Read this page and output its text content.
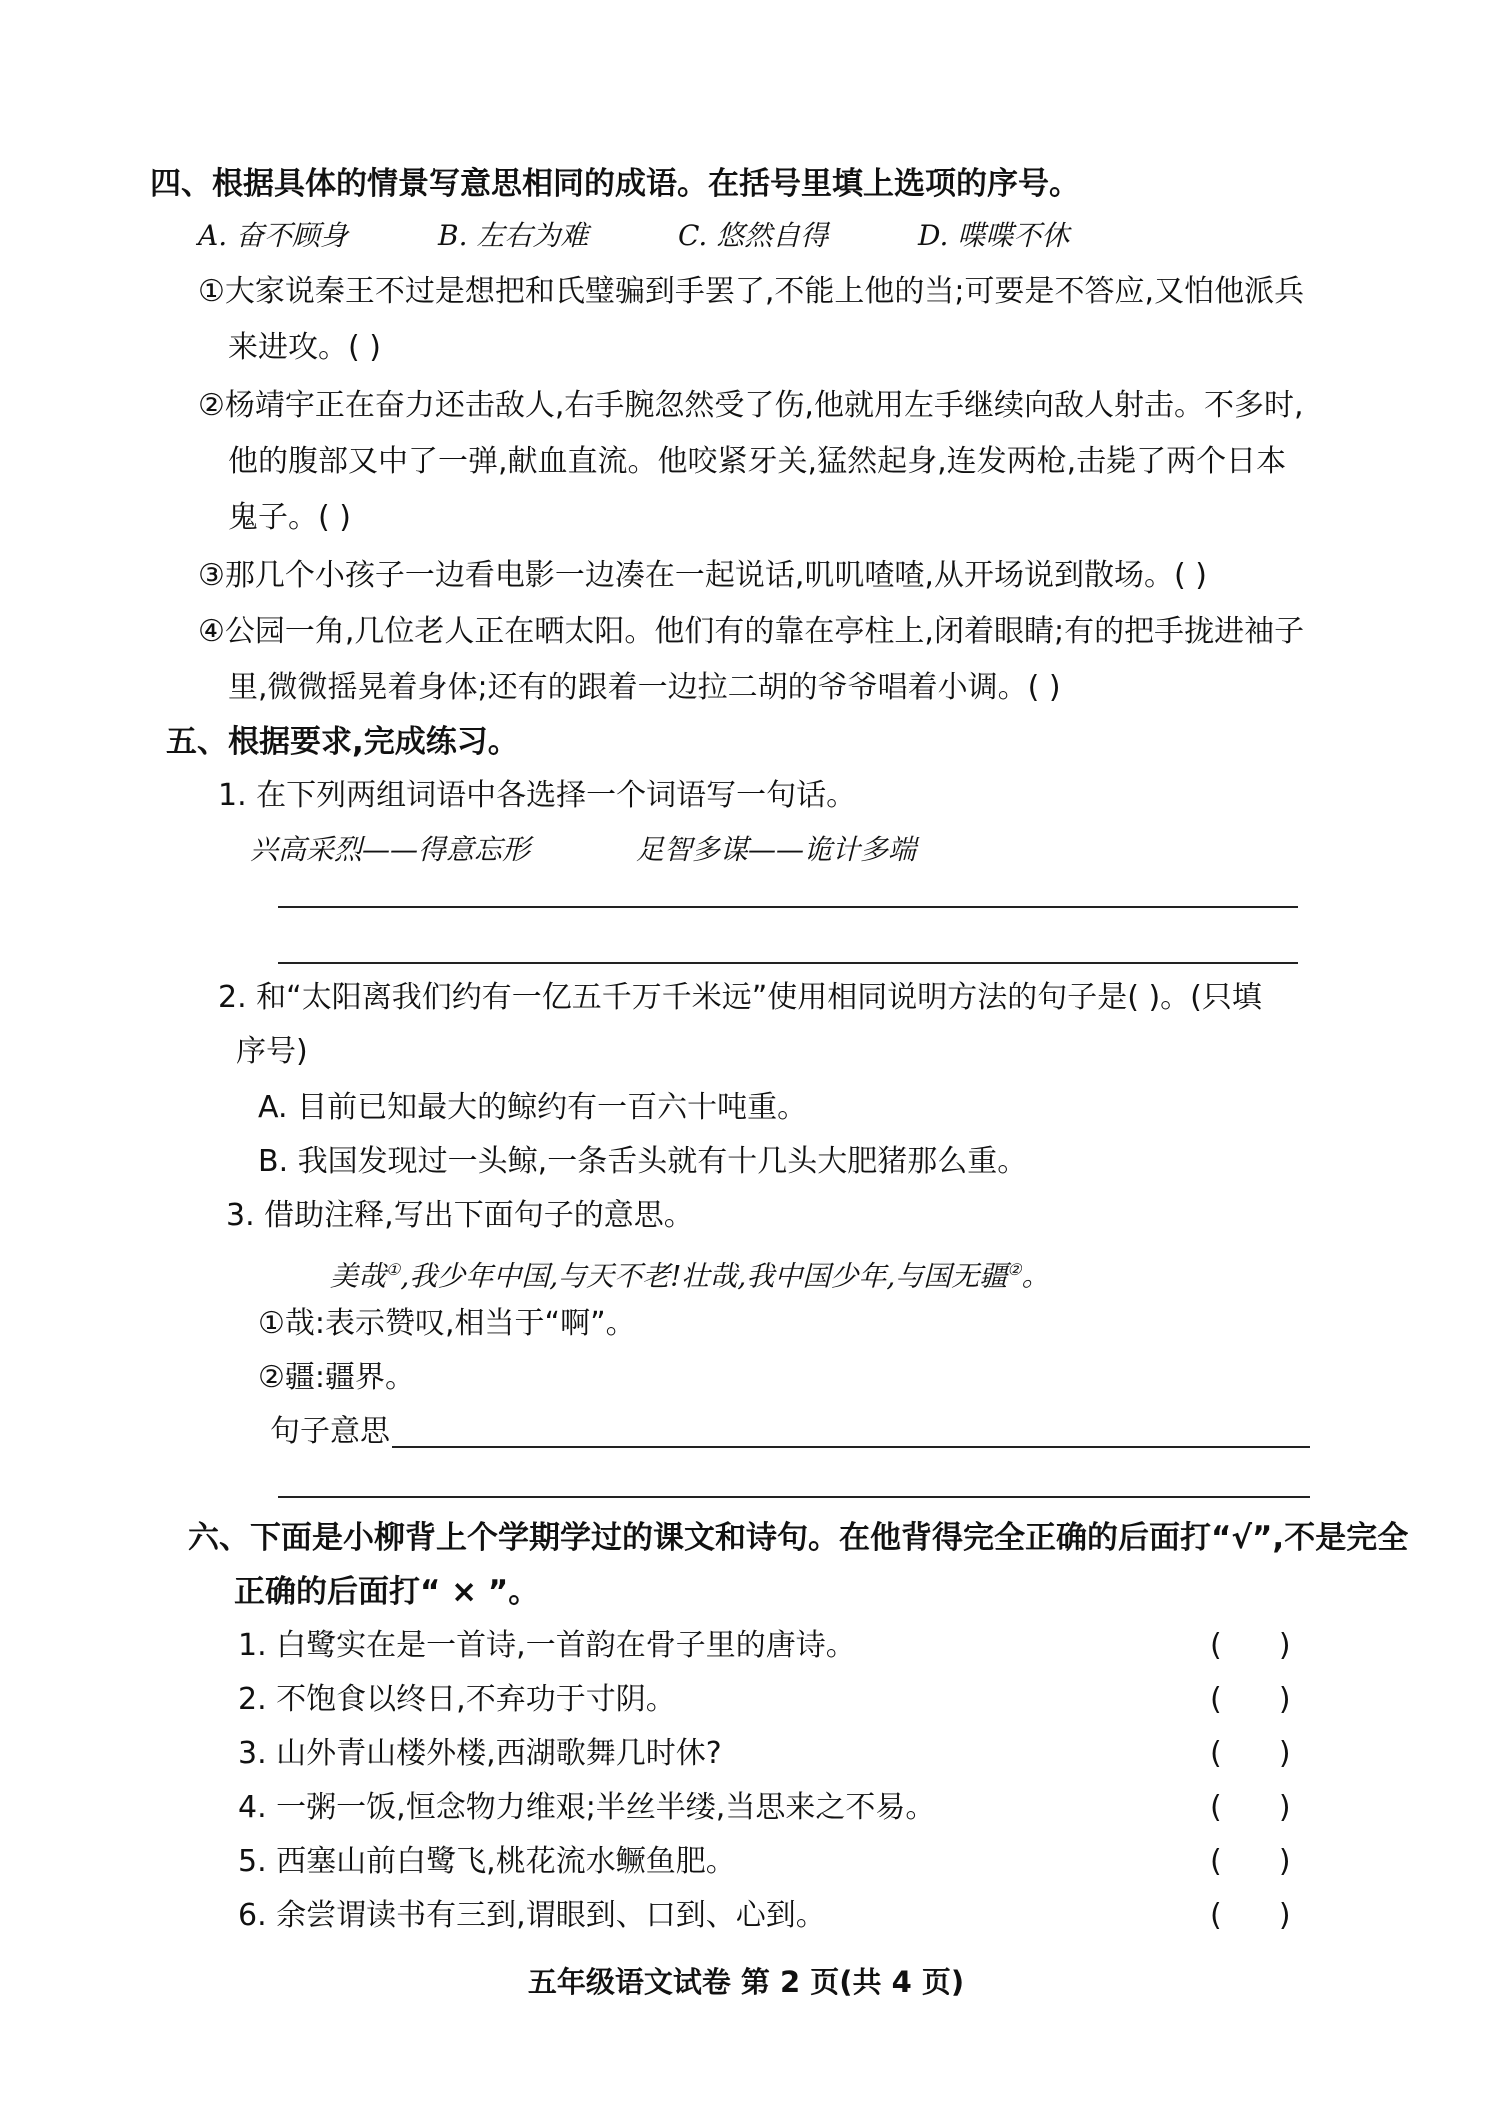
四、根据具体的情景写意思相同的成语。在括号里填上选项的序号。
A. 奋不顾身	B. 左右为难	C. 悠然自得	D. 喋喋不休
①大家说秦王不过是想把和氏璧骗到手罢了,不能上他的当;可要是不答应,又怕他派兵
来进攻。( )
②杨靖宇正在奋力还击敌人,右手腕忽然受了伤,他就用左手继续向敌人射击。不多时,
他的腹部又中了一弹,献血直流。他咬紧牙关,猛然起身,连发两枪,击毙了两个日本
鬼子。( )
③那几个小孩子一边看电影一边凑在一起说话,叽叽喳喳,从开场说到散场。( )
④公园一角,几位老人正在晒太阳。他们有的靠在亭柱上,闭着眼睛;有的把手拢进袖子
里,微微摇晃着身体;还有的跟着一边拉二胡的爷爷唱着小调。( )
五、根据要求,完成练习。
1. 在下列两组词语中各选择一个词语写一句话。
兴高采烈——得意忘形	足智多谋——诡计多端
2. 和“太阳离我们约有一亿五千万千米远”使用相同说明方法的句子是( )。(只填
序号)
A. 目前已知最大的鲸约有一百六十吨重。
B. 我国发现过一头鲸,一条舌头就有十几头大肥猪那么重。
3. 借助注释,写出下面句子的意思。
美哉①,我少年中国,与天不老!壮哉,我中国少年,与国无疆②。
①哉:表示赞叹,相当于“啊”。
②疆:疆界。
句子意思
六、下面是小柳背上个学期学过的课文和诗句。在他背得完全正确的后面打“√”,不是完全
正确的后面打“ × ”。
1. 白鹭实在是一首诗,一首韵在骨子里的唐诗。	(      )
2. 不饱食以终日,不弃功于寸阴。	(      )
3. 山外青山楼外楼,西湖歌舞几时休?	(      )
4. 一粥一饭,恒念物力维艰;半丝半缕,当思来之不易。	(      )
5. 西塞山前白鹭飞,桃花流水鳜鱼肥。	(      )
6. 余尝谓读书有三到,谓眼到、口到、心到。	(      )
五年级语文试卷 第 2 页(共 4 页)
